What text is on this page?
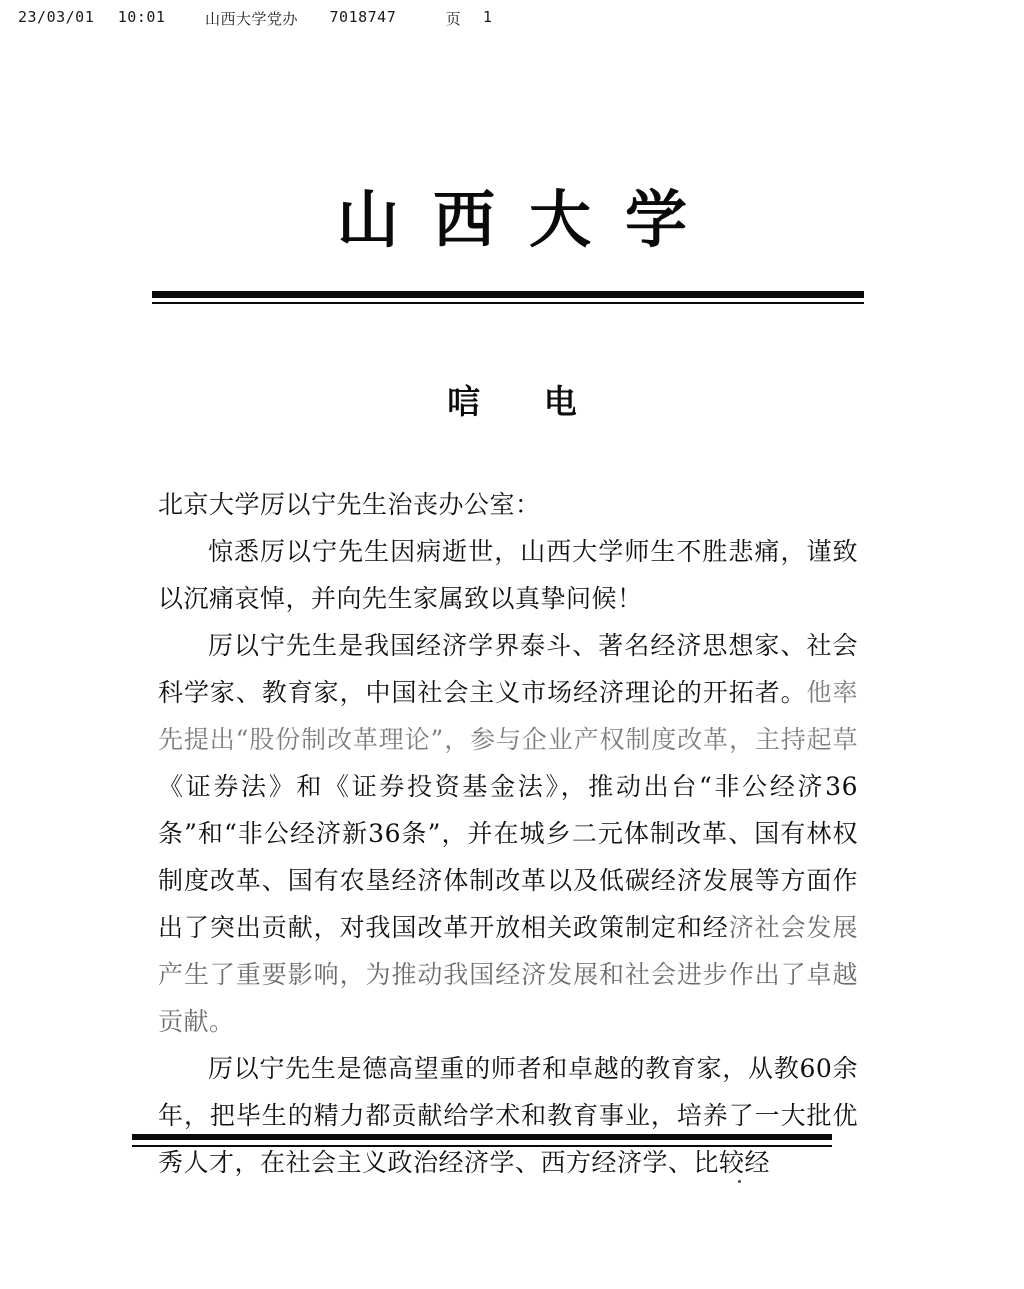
23/03/01 10:01	山西大学党办 7018747	页 1
山西大学
唁 电

北京大学厉以宁先生治丧办公室：

惊悉厉以宁先生因病逝世，山西大学师生不胜悲痛，谨致以沉痛哀悼，并向先生家属致以真挚问候！

厉以宁先生是我国经济学界泰斗、著名经济思想家、社会科学家、教育家，中国社会主义市场经济理论的开拓者。他率先提出“股份制改革理论”，参与企业产权制度改革，主持起草《证券法》和《证券投资基金法》，推动出台“非公经济36条”和“非公经济新36条”，并在城乡二元体制改革、国有林权制度改革、国有农垦经济体制改革以及低碳经济发展等方面作出了突出贡献，对我国改革开放相关政策制定和经济社会发展产生了重要影响，为推动我国经济发展和社会进步作出了卓越贡献。

厉以宁先生是德高望重的师者和卓越的教育家，从教60余年，把毕生的精力都贡献给学术和教育事业，培养了一大批优秀人才，在社会主义政治经济学、西方经济学、比较经
